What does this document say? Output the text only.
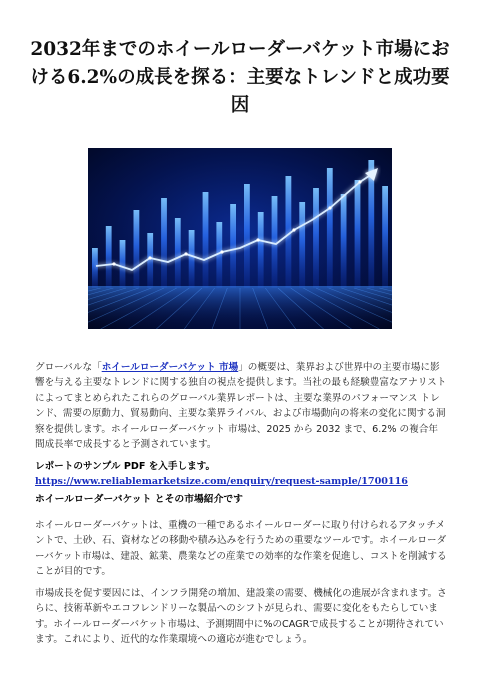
2032年までのホイールローダーバケット市場における6.2%の成長を探る：主要なトレンドと成功要因

グローバルな「ホイールローダーバケット 市場」の概要は、業界および世界中の主要市場に影響を与える主要なトレンドに関する独自の視点を提供します。当社の最も経験豊富なアナリストによってまとめられたこれらのグローバル業界レポートは、主要な業界のパフォーマンス トレンド、需要の原動力、貿易動向、主要な業界ライバル、および市場動向の将来の変化に関する洞察を提供します。ホイールローダーバケット 市場は、2025 から 2032 まで、6.2% の複合年間成長率で成長すると予測されています。

レポートのサンプル PDF を入手します。 https://www.reliablemarketsize.com/enquiry/request-sample/1700116

ホイールローダーバケット とその市場紹介です

ホイールローダーバケットは、重機の一種であるホイールローダーに取り付けられるアタッチメントで、土砂、石、資材などの移動や積み込みを行うための重要なツールです。ホイールローダーバケット市場は、建設、鉱業、農業などの産業での効率的な作業を促進し、コストを削減することが目的です。

市場成長を促す要因には、インフラ開発の増加、建設業の需要、機械化の進展が含まれます。さらに、技術革新やエコフレンドリーな製品へのシフトが見られ、需要に変化をもたらしています。ホイールローダーバケット市場は、予測期間中に%のCAGRで成長することが期待されています。これにより、近代的な作業環境への適応が進むでしょう。
